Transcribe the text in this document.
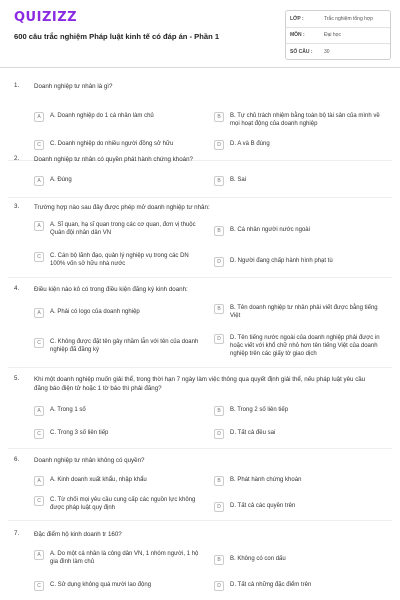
QUIZIZZ
600 câu trắc nghiệm Pháp luật kinh tế có đáp án - Phần 1
LỚP :	Trắc nghiệm tổng hợp
MÔN :	Đại học
SỐ CÂU :	30
1. Doanh nghiệp tư nhân là gì?
A	A. Doanh nghiệp do 1 cá nhân làm chủ	B	B. Tự chủ trách nhiệm bằng toàn bộ tài sản của mình về mọi hoạt động của doanh nghiệp
C	C. Doanh nghiệp do nhiều người đồng sở hữu	D	D. A và B đúng
2. Doanh nghiệp tư nhân có quyền phát hành chứng khoán?
A	A. Đúng	B	B. Sai
3. Trường hợp nào sau đây được phép mở doanh nghiệp tư nhân:
A	A. Sĩ quan, hạ sĩ quan trong các cơ quan, đơn vị thuộc Quân đội nhân dân VN	B	B. Cá nhân người nước ngoài
C	C. Cán bộ lãnh đạo, quản lý nghiệp vụ trong các DN 100% vốn sở hữu nhà nước	D	D. Người đang chấp hành hình phạt tù
4. Điều kiện nào kô có trong điều kiện đăng ký kinh doanh:
A	A. Phải có logo của doanh nghiệp	B	B. Tên doanh nghiệp tư nhân phải viết được bằng tiếng Việt
C	C. Không được đặt tên gây nhầm lẫn với tên của doanh nghiệp đã đăng ký
D	D. Tên tiếng nước ngoài của doanh nghiệp phải được in hoặc viết với khổ chữ nhỏ hơn tên tiếng Việt của doanh nghiệp trên các giấy tờ giao dịch
5. Khi một doanh nghiệp muốn giải thể, trong thời hạn 7 ngày làm việc thông qua quyết định giải thể, nếu pháp luật yêu cầu đăng báo điện tử hoặc 1 tờ báo thì phải đăng?
A	A. Trong 1 số	B	B. Trong 2 số liên tiếp
C	C. Trong 3 số liên tiếp	D	D. Tất cả đều sai
6. Doanh nghiệp tư nhân không có quyền?
A	A. Kinh doanh xuất khẩu, nhập khẩu	B	B. Phát hành chứng khoán
C	C. Từ chối mọi yêu cầu cung cấp các nguồn lực không được pháp luật quy định	D	D. Tất cả các quyền trên
7. Đặc điểm hộ kinh doanh tr 160?
A	A. Do một cá nhân là công dân VN, 1 nhóm người, 1 hộ gia đình làm chủ	B	B. Không có con dấu
C	C. Sử dụng không quá mười lao động	D	D. Tất cả những đặc điểm trên
